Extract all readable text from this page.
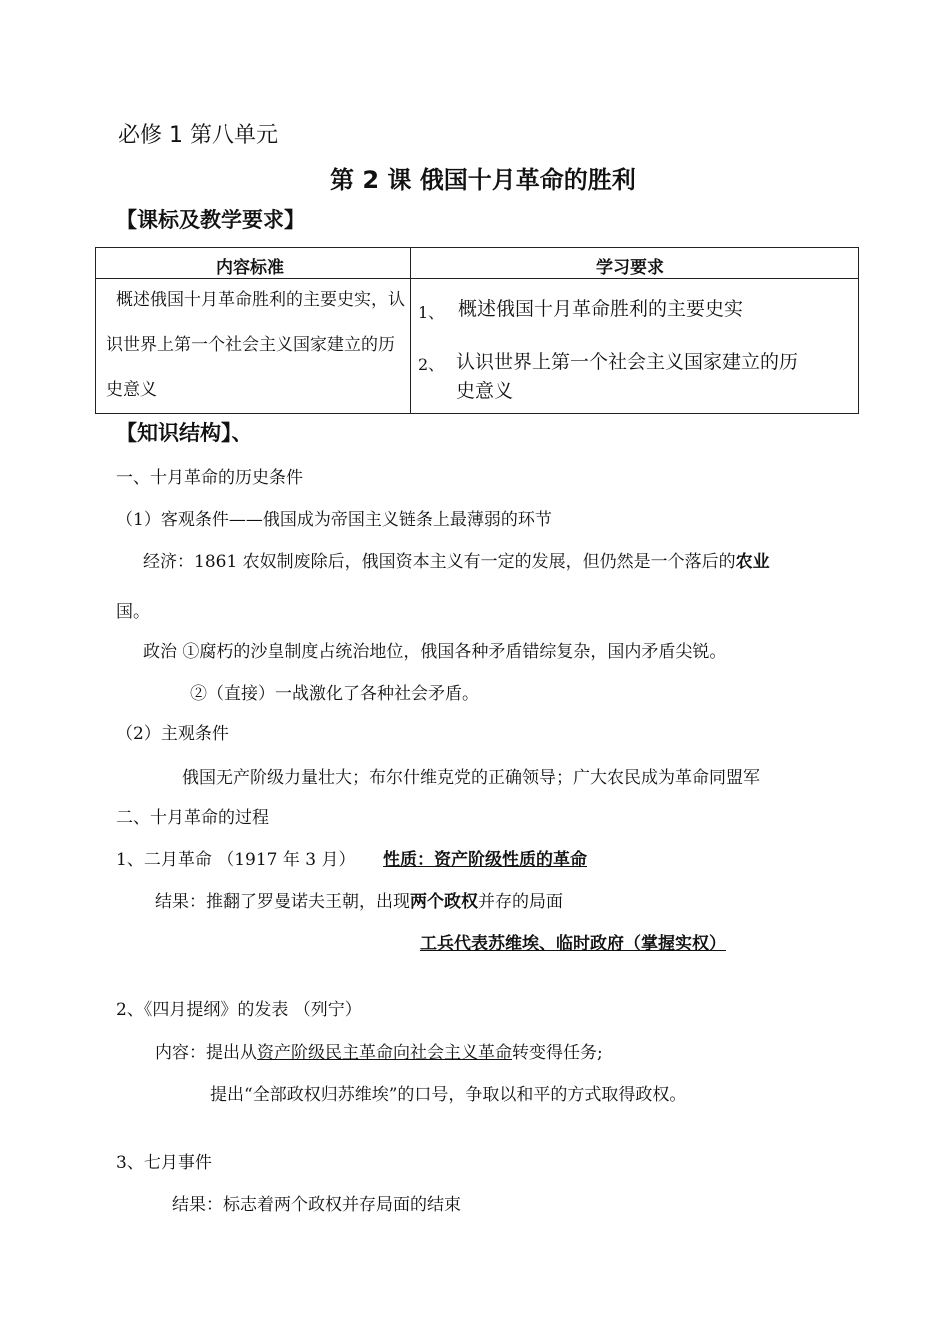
必修 1 第八单元
第 2 课 俄国十月革命的胜利
【课标及教学要求】
内容标准	学习要求
概述俄国十月革命胜利的主要史实，认
识世界上第一个社会主义国家建立的历
史意义
1、 概述俄国十月革命胜利的主要史实
2、 认识世界上第一个社会主义国家建立的历
史意义
【知识结构】、
一、十月革命的历史条件
（1）客观条件——俄国成为帝国主义链条上最薄弱的环节
经济：1861 农奴制废除后，俄国资本主义有一定的发展，但仍然是一个落后的农业
国。
政治 ①腐朽的沙皇制度占统治地位，俄国各种矛盾错综复杂，国内矛盾尖锐。
②（直接）一战激化了各种社会矛盾。
（2）主观条件
俄国无产阶级力量壮大；布尔什维克党的正确领导；广大农民成为革命同盟军
二、十月革命的过程
1、二月革命 （1917 年 3 月） 性质：资产阶级性质的革命
结果：推翻了罗曼诺夫王朝，出现两个政权并存的局面
工兵代表苏维埃、临时政府（掌握实权）
2、《四月提纲》的发表 （列宁）
内容：提出从资产阶级民主革命向社会主义革命转变得任务;
提出“全部政权归苏维埃”的口号，争取以和平的方式取得政权。
3、七月事件
结果：标志着两个政权并存局面的结束
